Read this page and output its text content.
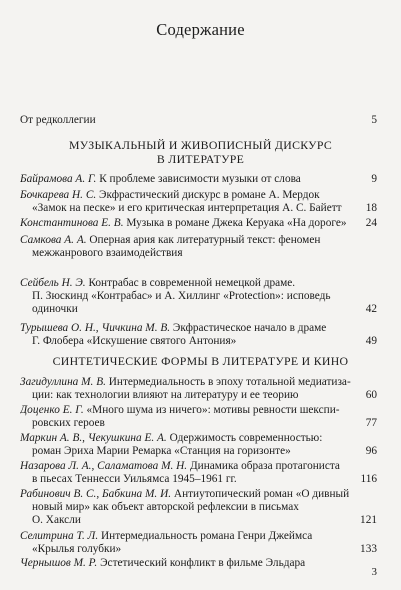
Содержание
От редколлегии	5
МУЗЫКАЛЬНЫЙ И ЖИВОПИСНЫЙ ДИСКУРС
В ЛИТЕРАТУРЕ
Байрамова А. Г. К проблеме зависимости музыки от слова	9
Бочкарева Н. С. Экфрастический дискурс в романе А. Мердок
«Замок на песке» и его критическая интерпретация А. С. Байетт 18
Константинова Е. В. Музыка в романе Джека Керуака «На дороге» 24
Самкова А. А. Оперная ария как литературный текст: феномен
межжанрового взаимодействия
Сейбель Н. Э. Контрабас в современной немецкой драме.
П. Зюскинд «Контрабас» и А. Хиллинг «Protection»: исповедь
одиночки	42
Турышева О. Н., Чичкина М. В. Экфрастическое начало в драме
Г. Флобера «Искушение святого Антония»	49
СИНТЕТИЧЕСКИЕ ФОРМЫ В ЛИТЕРАТУРЕ И КИНО
Загидуллина М. В. Интермедиальность в эпоху тотальной медиатиза-
ции: как технологии влияют на литературу и ее теорию	60
Доценко Е. Г. «Много шума из ничего»: мотивы ревности шекспи-
ровских героев	77
Маркин А. В., Чекушкина Е. А. Одержимость современностью:
роман Эриха Марии Ремарка «Станция на горизонте»	96
Назарова Л. А., Саламатова М. Н. Динамика образа протагониста
в пьесах Теннесси Уильямса 1945–1961 гг.	116
Рабинович В. С., Бабкина М. И. Антиутопический роман «О дивный
новый мир» как объект авторской рефлексии в письмах
О. Хаксли	121
Селитрина Т. Л. Интермедиальность романа Генри Джеймса
«Крылья голубки»	133
Чернышов М. Р. Эстетический конфликт в фильме Эльдара
3
